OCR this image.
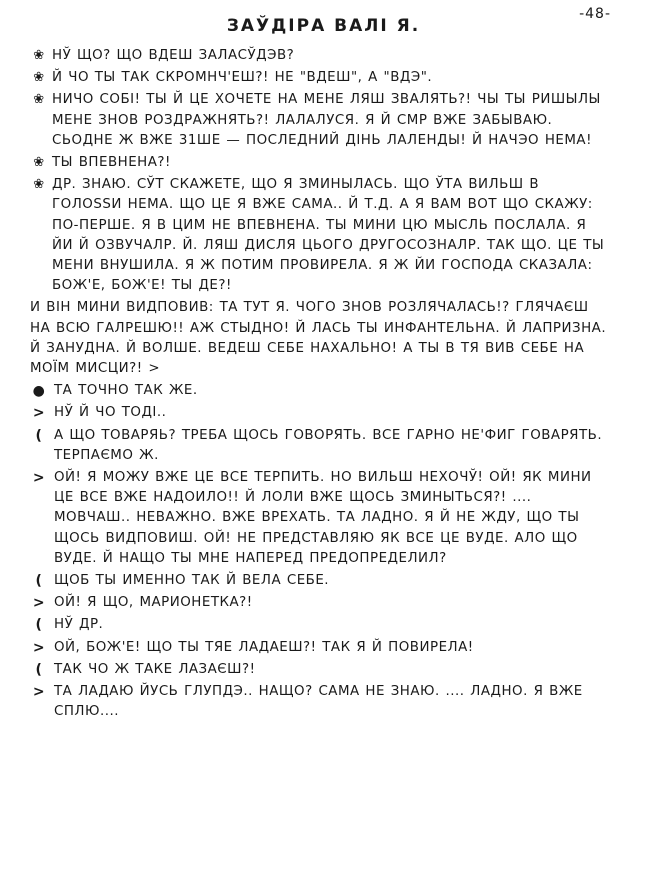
-48-
ЗАЎДІРА ВАЛІ Я.
❀ НЎ ЩО? ЩО ВДЕШ ЗАЛАСЎДЭВ?
❀ Й ЧО ТЫ ТАК СКРОМНЧ'ЕШ?! НЕ "ВДЕШ", А "ВДЭ".
❀ НИЧО СОБІ! ТЫ Й ЦЕ ХОЧЕТЕ НА МЕНЕ ЛЯШ ЗВАЛЯТЬ?! ЧЫ ТЫ РИШЫЛЫ МЕНЕ ЗНОВ РОЗДРАЖНЯТЬ?! ЛАЛАЛУСЯ. Я Й СМР ВЖЕ ЗАБЫВАЮ. СЬОДНЕ Ж ВЖЕ 31ШЕ — ПОСЛЕДНИЙ ДІНЬ ЛАЛЕНДЫ! Й НАЧЭО НЕМА!
❀ ТЫ ВПЕВНЕНА?!
❀ ДР. ЗНАЮ. СЎТ СКАЖЕТЕ, ЩО Я ЗМИНЫЛАСЬ. ЩО ЎТА ВИЛЬШ В ГОЛОSSИ НЕМА. ЩО ЦЕ Я ВЖЕ САМА.. Й Т.Д. А Я ВАМ ВОТ ЩО СКАЖУ: ПО-ПЕРШЕ. Я В ЦИМ НЕ ВПЕВНЕНА. ТЫ МИНИ ЦЮ МЫСЛЬ ПОСЛАЛА. Я ЙИ Й ОЗВУЧАЛР. Й. ЛЯШ ДИСЛЯ ЦЬОГО ДРУГОСОЗНАЛР. ТАК ЩО. ЦЕ ТЫ МЕНИ ВНУШИЛА. Я Ж ПОТИМ ПРОВИРЕЛА. Я Ж ЙИ ГОСПОДА СКАЗАЛА: БОЖ'Е, БОЖ'Е! ТЫ ДЕ?!
И ВІН МИНИ ВИДПОВИВ: ТА ТУТ Я. ЧОГО ЗНОВ РОЗЛЯЧАЛАСЬ!? ГЛЯЧАЄШ НА ВСЮ ГАЛРЕШЮ!! АЖ СТЫДНО! Й ЛАСЬ ТЫ ИНФАНТЕЛЬНА. Й ЛАПРИЗНА. Й ЗАНУДНА. Й ВОЛШЕ. ВЕДЕШ СЕБЕ НАХАЛЬНО! А ТЫ В ТЯ ВИВ СЕБЕ НА МОЇМ МИСЦИ?! >
● ТА ТОЧНО ТАК ЖЕ.
> НЎ Й ЧО ТОДІ..
( А ЩО ТОВАРЯЬ? ТРЕБА ЩОСЬ ГОВОРЯТЬ. ВСЕ ГАРНО НЕ'ФИГ ГОВАРЯТЬ. ТЕРПАЄМО Ж.
> ОЙ! Я МОЖУ ВЖЕ ЦЕ ВСЕ ТЕРПИТЬ. НО ВИЛЬШ НЕХОЧЎ! ОЙ! ЯК МИНИ ЦЕ ВСЕ ВЖЕ НАДОИЛО!! Й ЛОЛИ ВЖЕ ЩОСЬ ЗМИНЫТЬСЯ?! .... МОВЧАШ.. НЕВАЖНО. ВЖЕ ВРЕХАТЬ. ТА ЛАДНО. Я Й НЕ ЖДУ, ЩО ТЫ ЩОСЬ ВИДПОВИШ. ОЙ! НЕ ПРЕДСТАВЛЯЮ ЯК ВСЕ ЦЕ ВУДЕ. АЛО ЩО ВУДЕ. Й НАЩО ТЫ МНЕ НАПЕРЕД ПРЕДОПРЕДЕЛИЛ?
( ЩОБ ТЫ ИМЕННО ТАК Й ВЕЛА СЕБЕ.
> ОЙ! Я ЩО, МАРИОНЕТКА?!
( НЎ ДР.
> ОЙ, БОЖ'Е! ЩО ТЫ ТЯЕ ЛАДАЕШ?! ТАК Я Й ПОВИРЕЛА!
( ТАК ЧО Ж ТАКЕ ЛАЗАЄШ?!
> ТА ЛАДАЮ ЙУСЬ ГЛУПДЭ.. НАЩО? САМА НЕ ЗНАЮ. .... ЛАДНО. Я ВЖЕ СПЛЮ....
